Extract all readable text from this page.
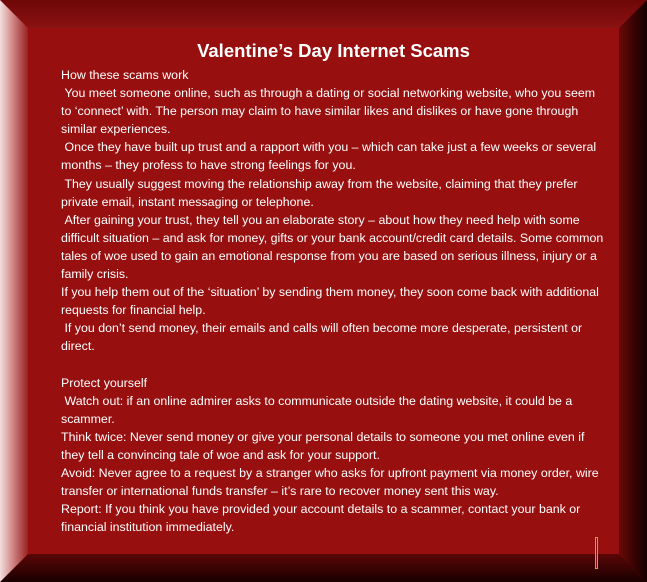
Valentine’s Day Internet Scams

How these scams work

You meet someone online, such as through a dating or social networking website, who you seem to ‘connect’ with. The person may claim to have similar likes and dislikes or have gone through similar experiences.

Once they have built up trust and a rapport with you – which can take just a few weeks or several months – they profess to have strong feelings for you.

They usually suggest moving the relationship away from the website, claiming that they prefer private email, instant messaging or telephone.

After gaining your trust, they tell you an elaborate story – about how they need help with some difficult situation – and ask for money, gifts or your bank account/credit card details. Some common tales of woe used to gain an emotional response from you are based on serious illness, injury or a family crisis.

If you help them out of the ‘situation’ by sending them money, they soon come back with additional requests for financial help.

If you don’t send money, their emails and calls will often become more desperate, persistent or direct.

Protect yourself

Watch out: if an online admirer asks to communicate outside the dating website, it could be a scammer.

Think twice: Never send money or give your personal details to someone you met online even if they tell a convincing tale of woe and ask for your support.

Avoid: Never agree to a request by a stranger who asks for upfront payment via money order, wire transfer or international funds transfer – it’s rare to recover money sent this way.

Report: If you think you have provided your account details to a scammer, contact your bank or financial institution immediately.
